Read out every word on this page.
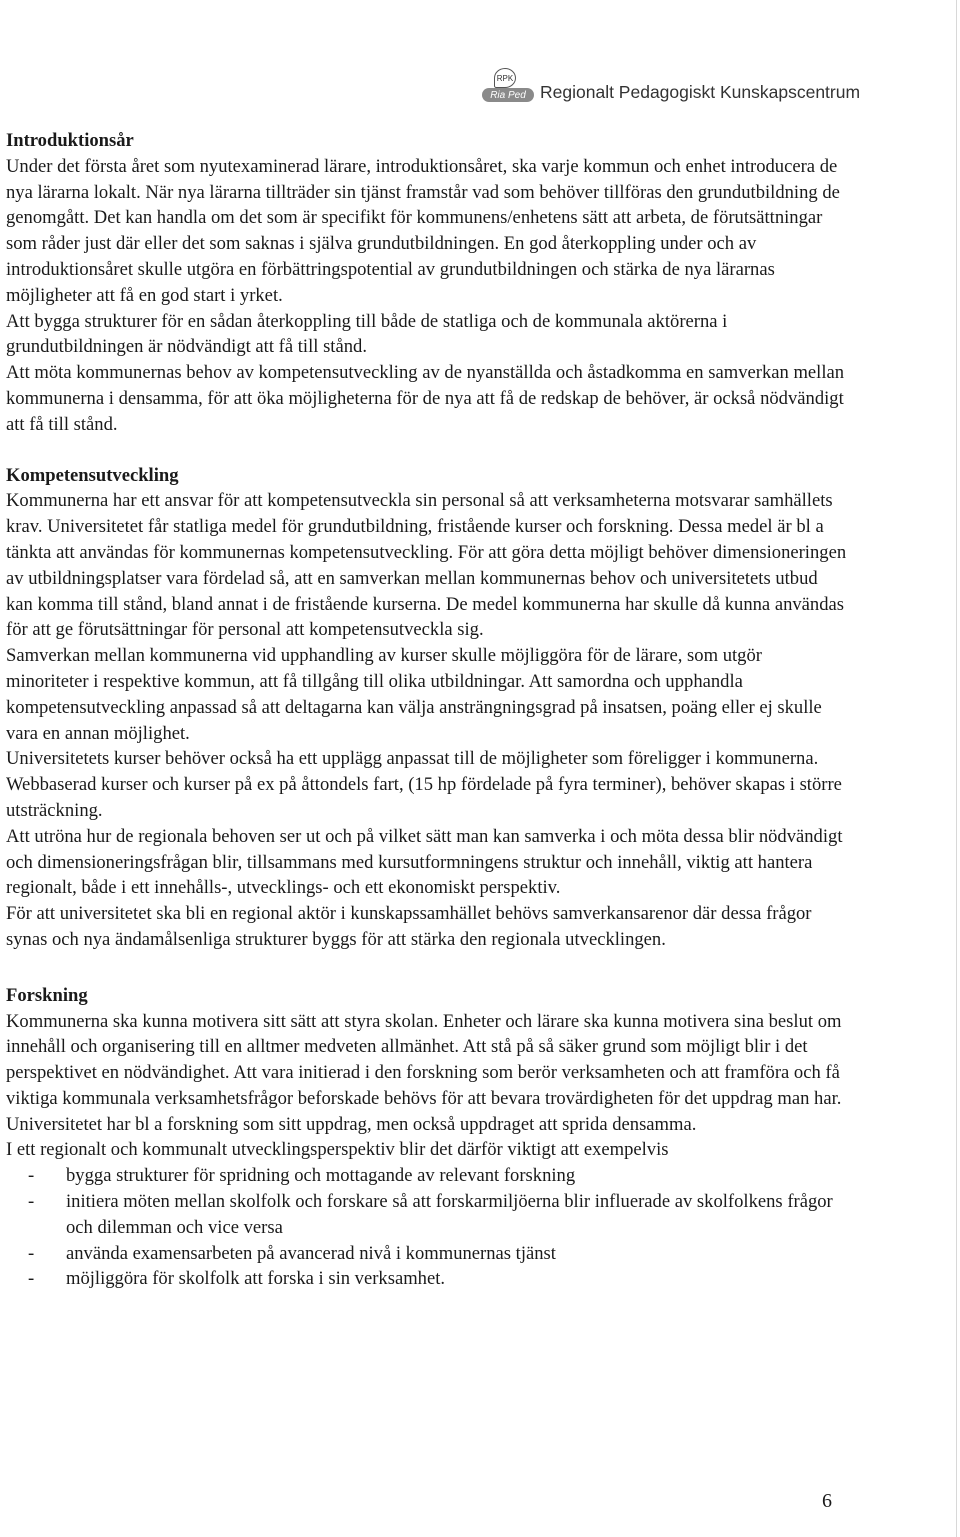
RPK
Ria Ped Regionalt Pedagogiskt Kunskapscentrum
Introduktionsår

Under det första året som nyutexaminerad lärare, introduktionsåret, ska varje kommun och enhet introducera de nya lärarna lokalt. När nya lärarna tillträder sin tjänst framstår vad som behöver tillföras den grundutbildning de genomgått. Det kan handla om det som är specifikt för kommunens/enhetens sätt att arbeta, de förutsättningar som råder just där eller det som saknas i själva grundutbildningen. En god återkoppling under och av introduktionsåret skulle utgöra en förbättringspotential av grundutbildningen och stärka de nya lärarnas möjligheter att få en god start i yrket.

Att bygga strukturer för en sådan återkoppling till både de statliga och de kommunala aktörerna i grundutbildningen är nödvändigt att få till stånd.

Att möta kommunernas behov av kompetensutveckling av de nyanställda och åstadkomma en samverkan mellan kommunerna i densamma, för att öka möjligheterna för de nya att få de redskap de behöver, är också nödvändigt att få till stånd.

Kompetensutveckling

Kommunerna har ett ansvar för att kompetensutveckla sin personal så att verksamheterna motsvarar samhällets krav. Universitetet får statliga medel för grundutbildning, fristående kurser och forskning. Dessa medel är bl a tänkta att användas för kommunernas kompetensutveckling. För att göra detta möjligt behöver dimensioneringen av utbildningsplatser vara fördelad så, att en samverkan mellan kommunernas behov och universitetets utbud kan komma till stånd, bland annat i de fristående kurserna. De medel kommunerna har skulle då kunna användas för att ge förutsättningar för personal att kompetensutveckla sig.

Samverkan mellan kommunerna vid upphandling av kurser skulle möjliggöra för de lärare, som utgör minoriteter i respektive kommun, att få tillgång till olika utbildningar. Att samordna och upphandla kompetensutveckling anpassad så att deltagarna kan välja ansträngningsgrad på insatsen, poäng eller ej skulle vara en annan möjlighet.

Universitetets kurser behöver också ha ett upplägg anpassat till de möjligheter som föreligger i kommunerna. Webbaserad kurser och kurser på ex på åttondels fart, (15 hp fördelade på fyra terminer), behöver skapas i större utsträckning.

Att utröna hur de regionala behoven ser ut och på vilket sätt man kan samverka i och möta dessa blir nödvändigt och dimensioneringsfrågan blir, tillsammans med kursutformningens struktur och innehåll, viktig att hantera regionalt, både i ett innehålls-, utvecklings- och ett ekonomiskt perspektiv.

För att universitetet ska bli en regional aktör i kunskapssamhället behövs samverkansarenor där dessa frågor synas och nya ändamålsenliga strukturer byggs för att stärka den regionala utvecklingen.

Forskning

Kommunerna ska kunna motivera sitt sätt att styra skolan. Enheter och lärare ska kunna motivera sina beslut om innehåll och organisering till en alltmer medveten allmänhet. Att stå på så säker grund som möjligt blir i det perspektivet en nödvändighet. Att vara initierad i den forskning som berör verksamheten och att framföra och få viktiga kommunala verksamhetsfrågor beforskade behövs för att bevara trovärdigheten för det uppdrag man har.

Universitetet har bl a forskning som sitt uppdrag, men också uppdraget att sprida densamma.

I ett regionalt och kommunalt utvecklingsperspektiv blir det därför viktigt att exempelvis

- bygga strukturer för spridning och mottagande av relevant forskning
- initiera möten mellan skolfolk och forskare så att forskarmiljöerna blir influerade av skolfolkens frågor och dilemman och vice versa
- använda examensarbeten på avancerad nivå i kommunernas tjänst
- möjliggöra för skolfolk att forska i sin verksamhet.
6
